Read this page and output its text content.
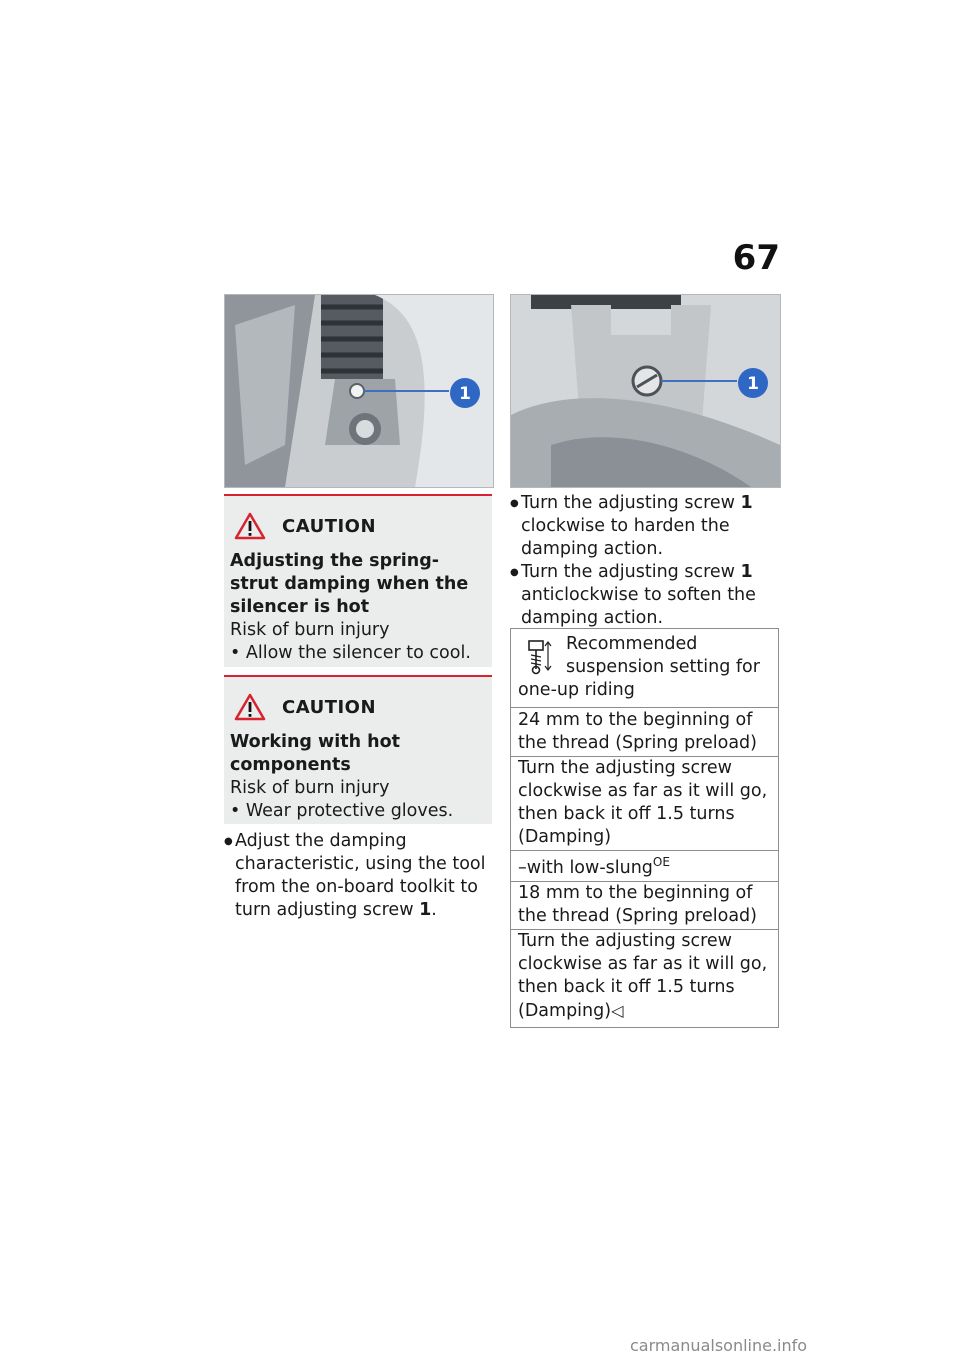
67
1	1
CAUTION
Adjusting the spring-strut damping when the silencer is hot
Risk of burn injury
• Allow the silencer to cool.
CAUTION
Working with hot components
Risk of burn injury
• Wear protective gloves.
● Adjust the damping characteristic, using the tool from the on-board toolkit to turn adjusting screw 1.
● Turn the adjusting screw 1 clockwise to harden the damping action.
● Turn the adjusting screw 1 anticlockwise to soften the damping action.
Recommended suspension setting for one-up riding

24 mm to the beginning of the thread (Spring preload)
Turn the adjusting screw clockwise as far as it will go, then back it off 1.5 turns (Damping)
–with low-slung$^{OE}$
18 mm to the beginning of the thread (Spring preload)
Turn the adjusting screw clockwise as far as it will go, then back it off 1.5 turns (Damping)◁
carmanualsonline.info
